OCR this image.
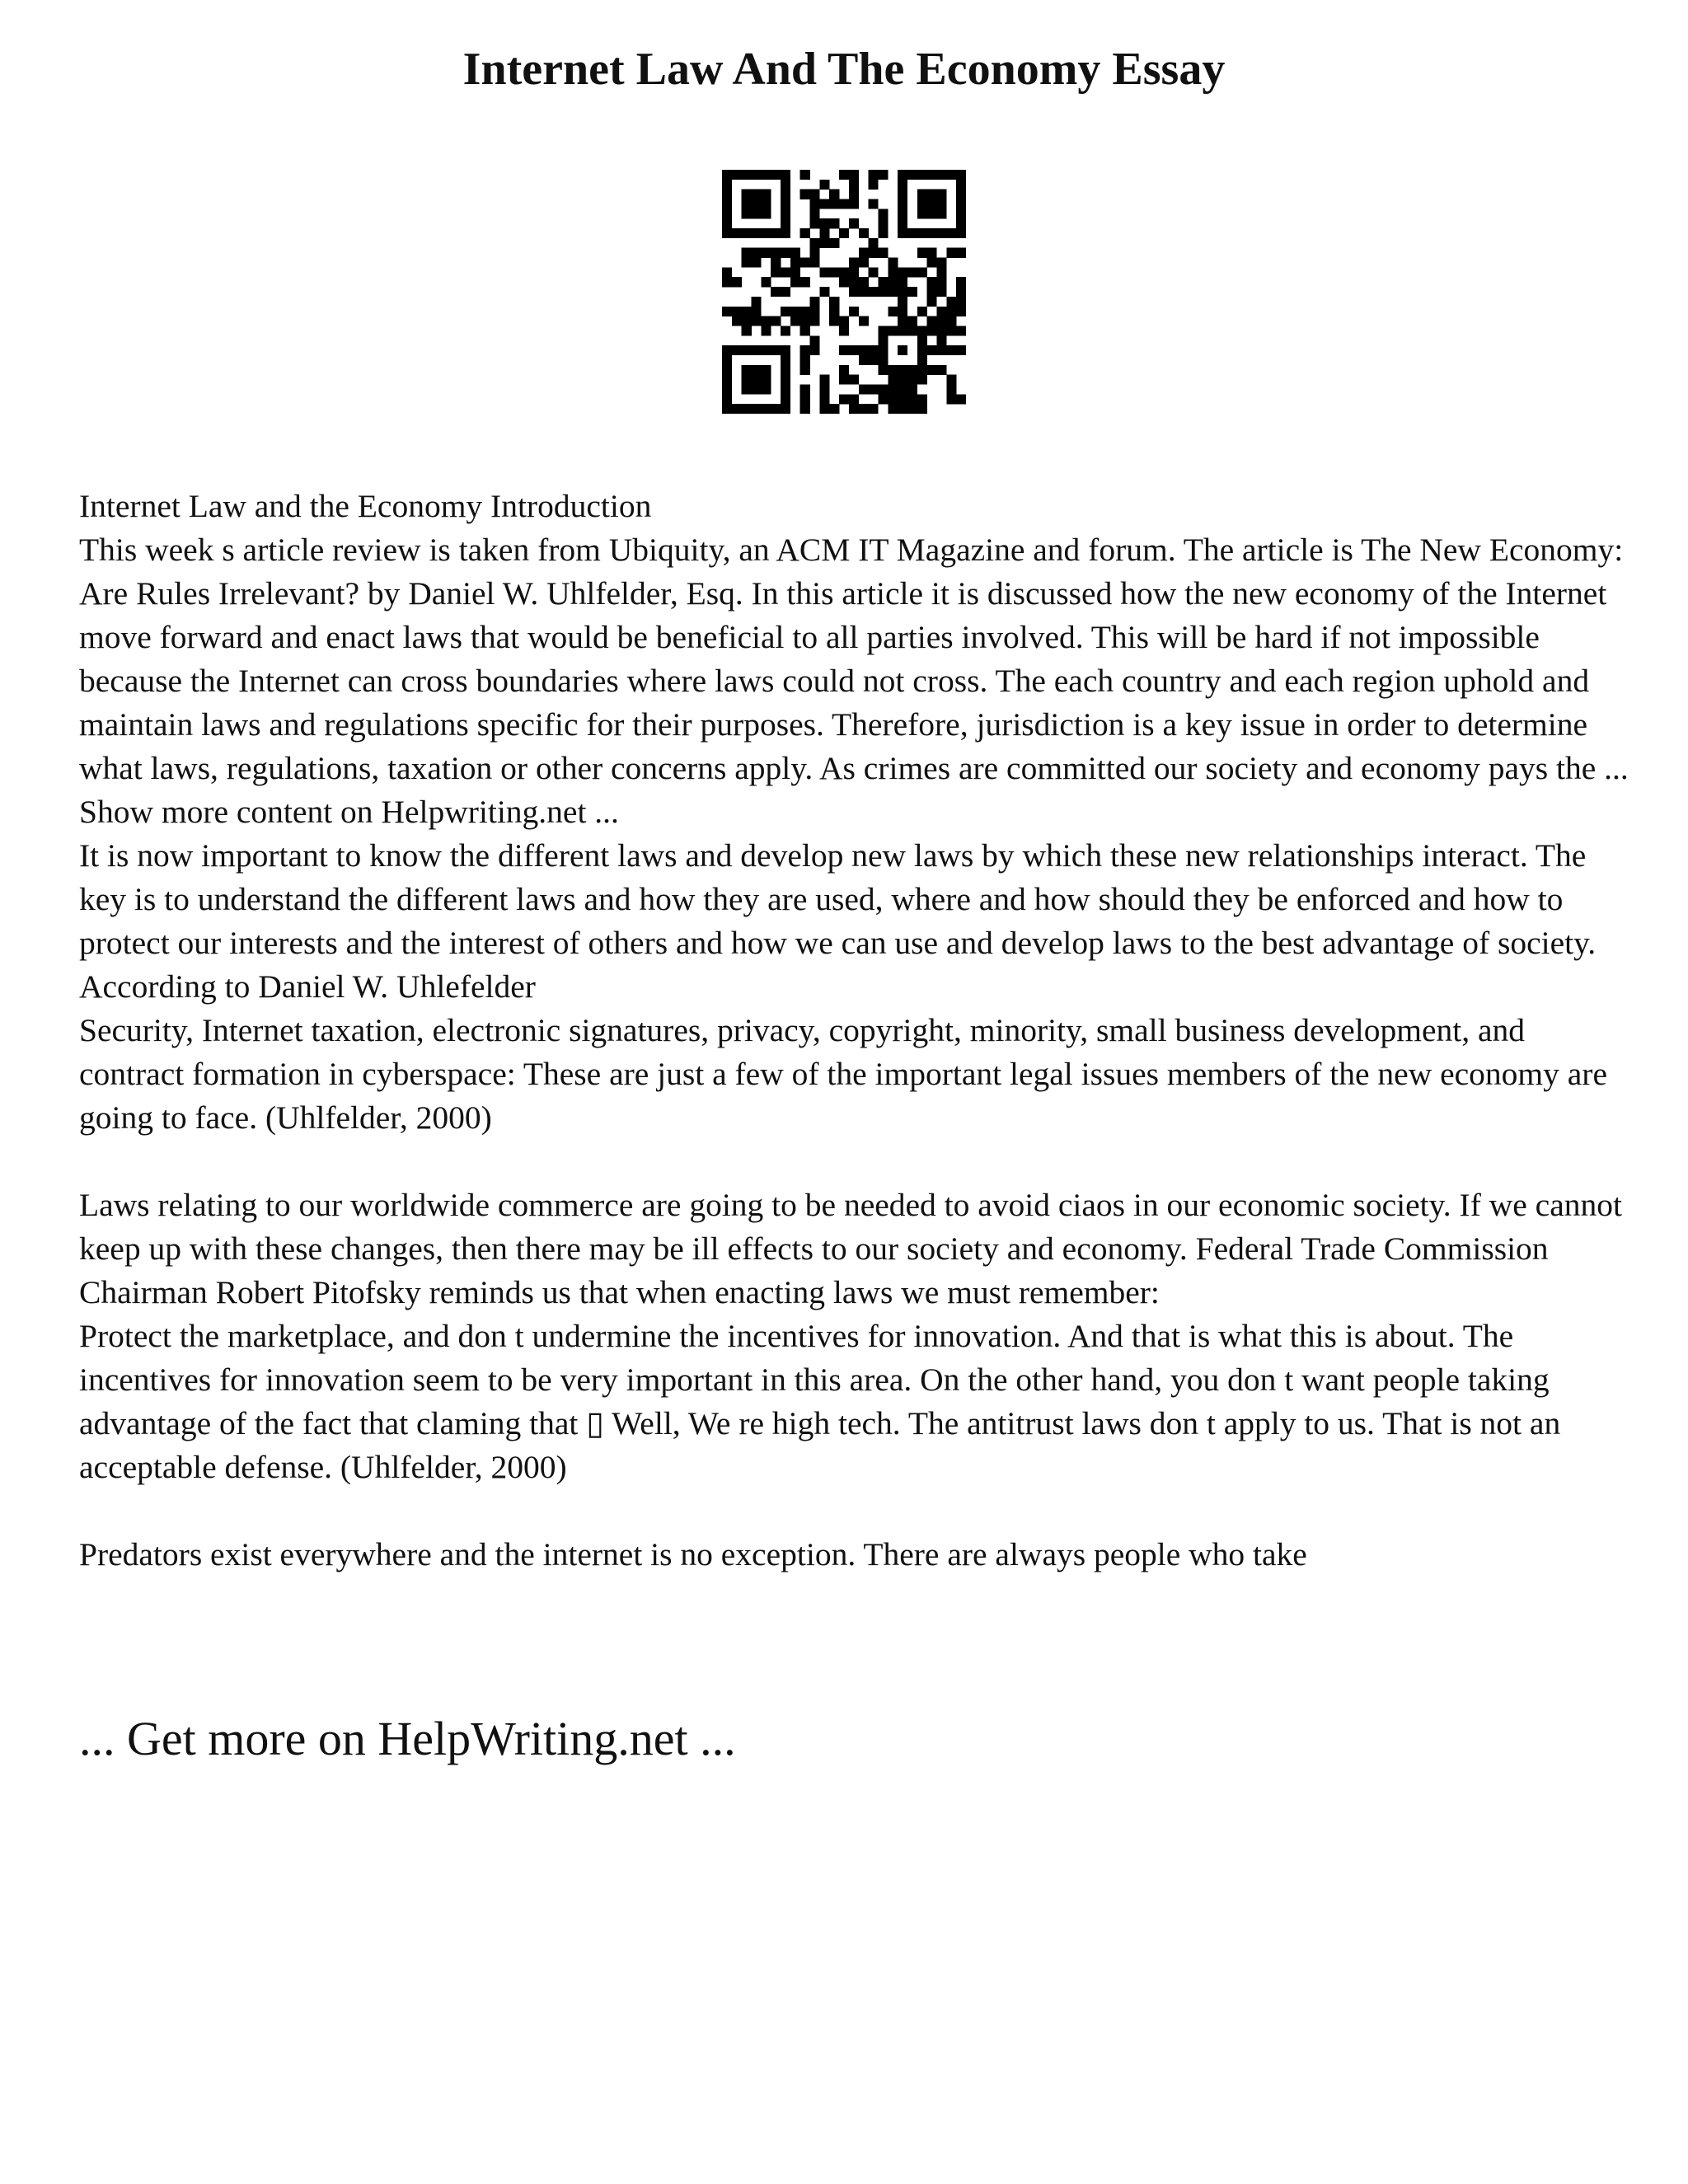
Internet Law And The Economy Essay

Internet Law and the Economy Introduction

This week s article review is taken from Ubiquity, an ACM IT Magazine and forum. The article is The New Economy: Are Rules Irrelevant? by Daniel W. Uhlfelder, Esq. In this article it is discussed how the new economy of the Internet move forward and enact laws that would be beneficial to all parties involved. This will be hard if not impossible because the Internet can cross boundaries where laws could not cross. The each country and each region uphold and maintain laws and regulations specific for their purposes. Therefore, jurisdiction is a key issue in order to determine what laws, regulations, taxation or other concerns apply. As crimes are committed our society and economy pays the ... Show more content on Helpwriting.net ...

It is now important to know the different laws and develop new laws by which these new relationships interact. The key is to understand the different laws and how they are used, where and how should they be enforced and how to protect our interests and the interest of others and how we can use and develop laws to the best advantage of society. According to Daniel W. Uhlefelder

Security, Internet taxation, electronic signatures, privacy, copyright, minority, small business development, and contract formation in cyberspace: These are just a few of the important legal issues members of the new economy are going to face. (Uhlfelder, 2000)

Laws relating to our worldwide commerce are going to be needed to avoid ciaos in our economic society. If we cannot keep up with these changes, then there may be ill effects to our society and economy. Federal Trade Commission Chairman Robert Pitofsky reminds us that when enacting laws we must remember:

Protect the marketplace, and don t undermine the incentives for innovation. And that is what this is about. The incentives for innovation seem to be very important in this area. On the other hand, you don t want people taking advantage of the fact that claming that ▯ Well, We re high tech. The antitrust laws don t apply to us. That is not an acceptable defense. (Uhlfelder, 2000)

Predators exist everywhere and the internet is no exception. There are always people who take

... Get more on HelpWriting.net ...
